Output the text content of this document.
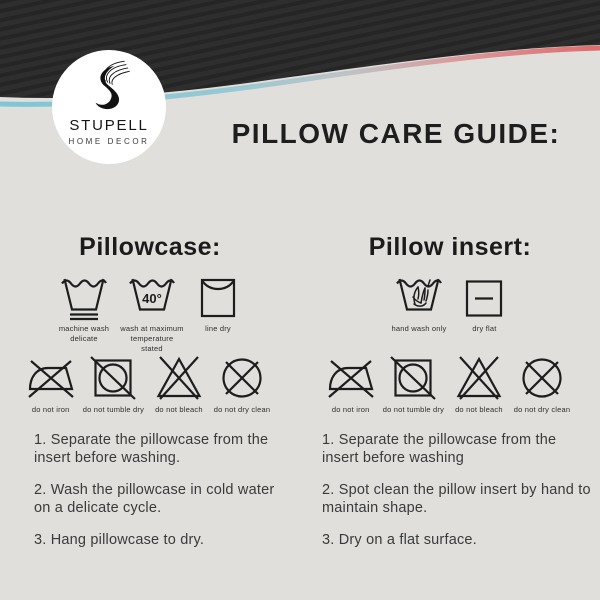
STUPELL
HOME DECOR	PILLOW CARE GUIDE:
Pillowcase:
machine wash delicate
40°
wash at maximum temperature stated
line dry
do not iron	do not tumble dry	do not bleach	do not dry clean

1. Separate the pillowcase from the insert before washing.

2. Wash the pillowcase in cold water on a delicate cycle.

3. Hang pillowcase to dry.

Pillow insert:
hand wash only	dry flat
do not iron	do not tumble dry	do not bleach	do not dry clean

1. Separate the pillowcase from the insert before washing

2. Spot clean the pillow insert by hand to maintain shape.

3. Dry on a flat surface.
